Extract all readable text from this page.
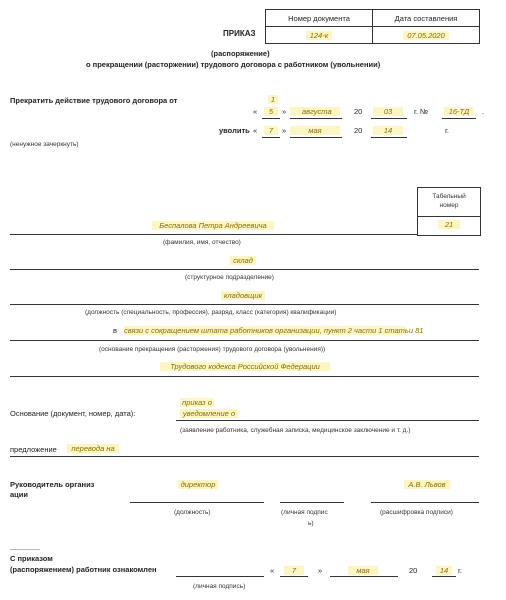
ПРИКАЗ
Номер документа	Дата составления
124-к	07.05.2020
(распоряжение)
о прекращении (расторжении) трудового договора с работником (увольнении)
Прекратить действие трудового договора от	1
«	5	»	августа	20	03	г. №	16-ТД	.
уволить «	7	»	мая	20	14	г.
(ненужное зачеркнуть)
Табельный номер
21
Беспалова Петра Андреевича
(фамилия, имя, отчество)
склад
(структурное подразделение)
кладовщик
(должность (специальность, профессия), разряд, класс (категория) квалификации)
в связи с сокращением штата работников организации, пункт 2 части 1 статьи 81
(основание прекращения (расторжения) трудового договора (увольнения))
Трудового кодекса Российской Федерации
Основание (документ, номер, дата):
приказ о
уведомление о
(заявление работника, служебная записка, медицинское заключение и т. д.)
предложение	перевода на
Руководитель организ
ации
директор	А.В. Львов
(должность)	(личная подпис
ь)
(расшифровка подписи)
С приказом
(распоряжением) работник ознакомлен	«	7	»	мая	20	14	г.
(личная подпись)
